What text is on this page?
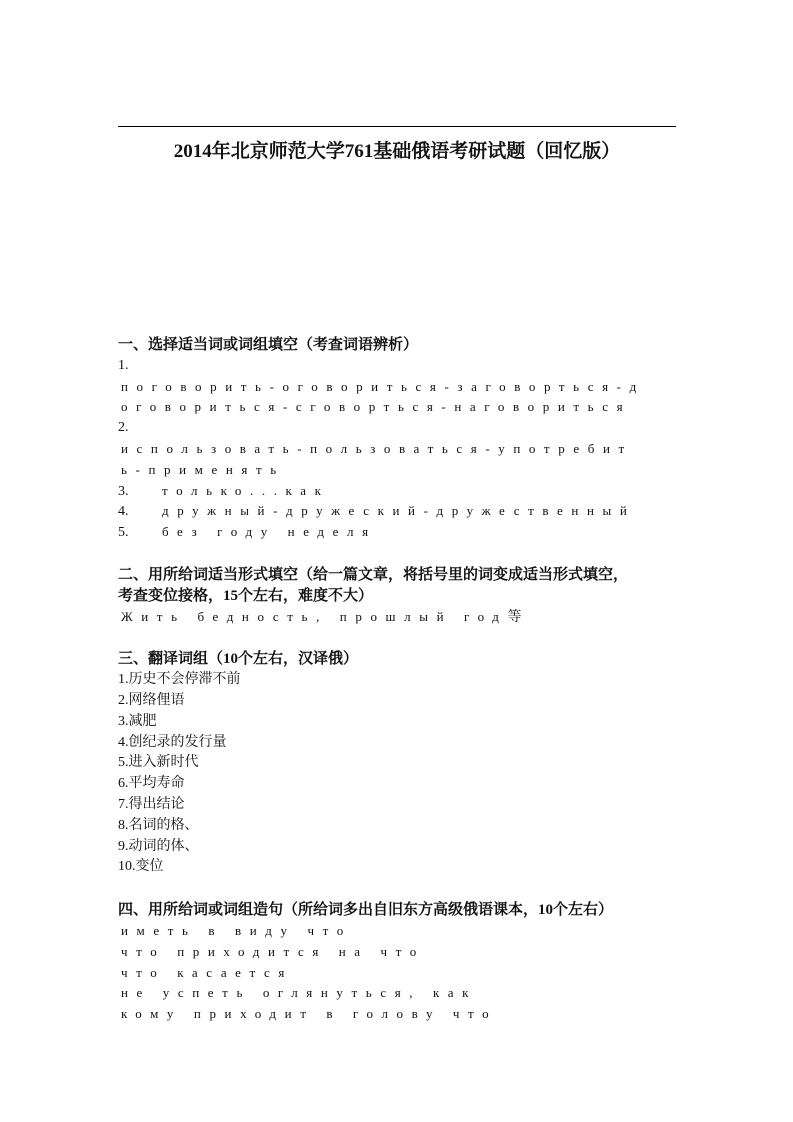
2014年北京师范大学761基础俄语考研试题（回忆版）
一、选择适当词或词组填空（考查词语辨析）
1.
поговорить-оговориться-заговорться-д
оговориться-сговорться-наговориться
2.
использовать-пользоваться-употребит
ь-применять
3.	только...как
4.	дружный-дружеский-дружественный
5.	без году неделя
二、用所给词适当形式填空（给一篇文章，将括号里的词变成适当形式填空，
考查变位接格，15个左右，难度不大）
Жить бедность, прошлый год等
三、翻译词组（10个左右，汉译俄）
1.历史不会停滞不前
2.网络俚语
3.减肥
4.创纪录的发行量
5.进入新时代
6.平均寿命
7.得出结论
8.名词的格、
9.动词的体、
10.变位
四、用所给词或词组造句（所给词多出自旧东方高级俄语课本，10个左右）
иметь в виду что
что приходится на что
что касается
не успеть оглянуться, как
кому приходит в голову что
